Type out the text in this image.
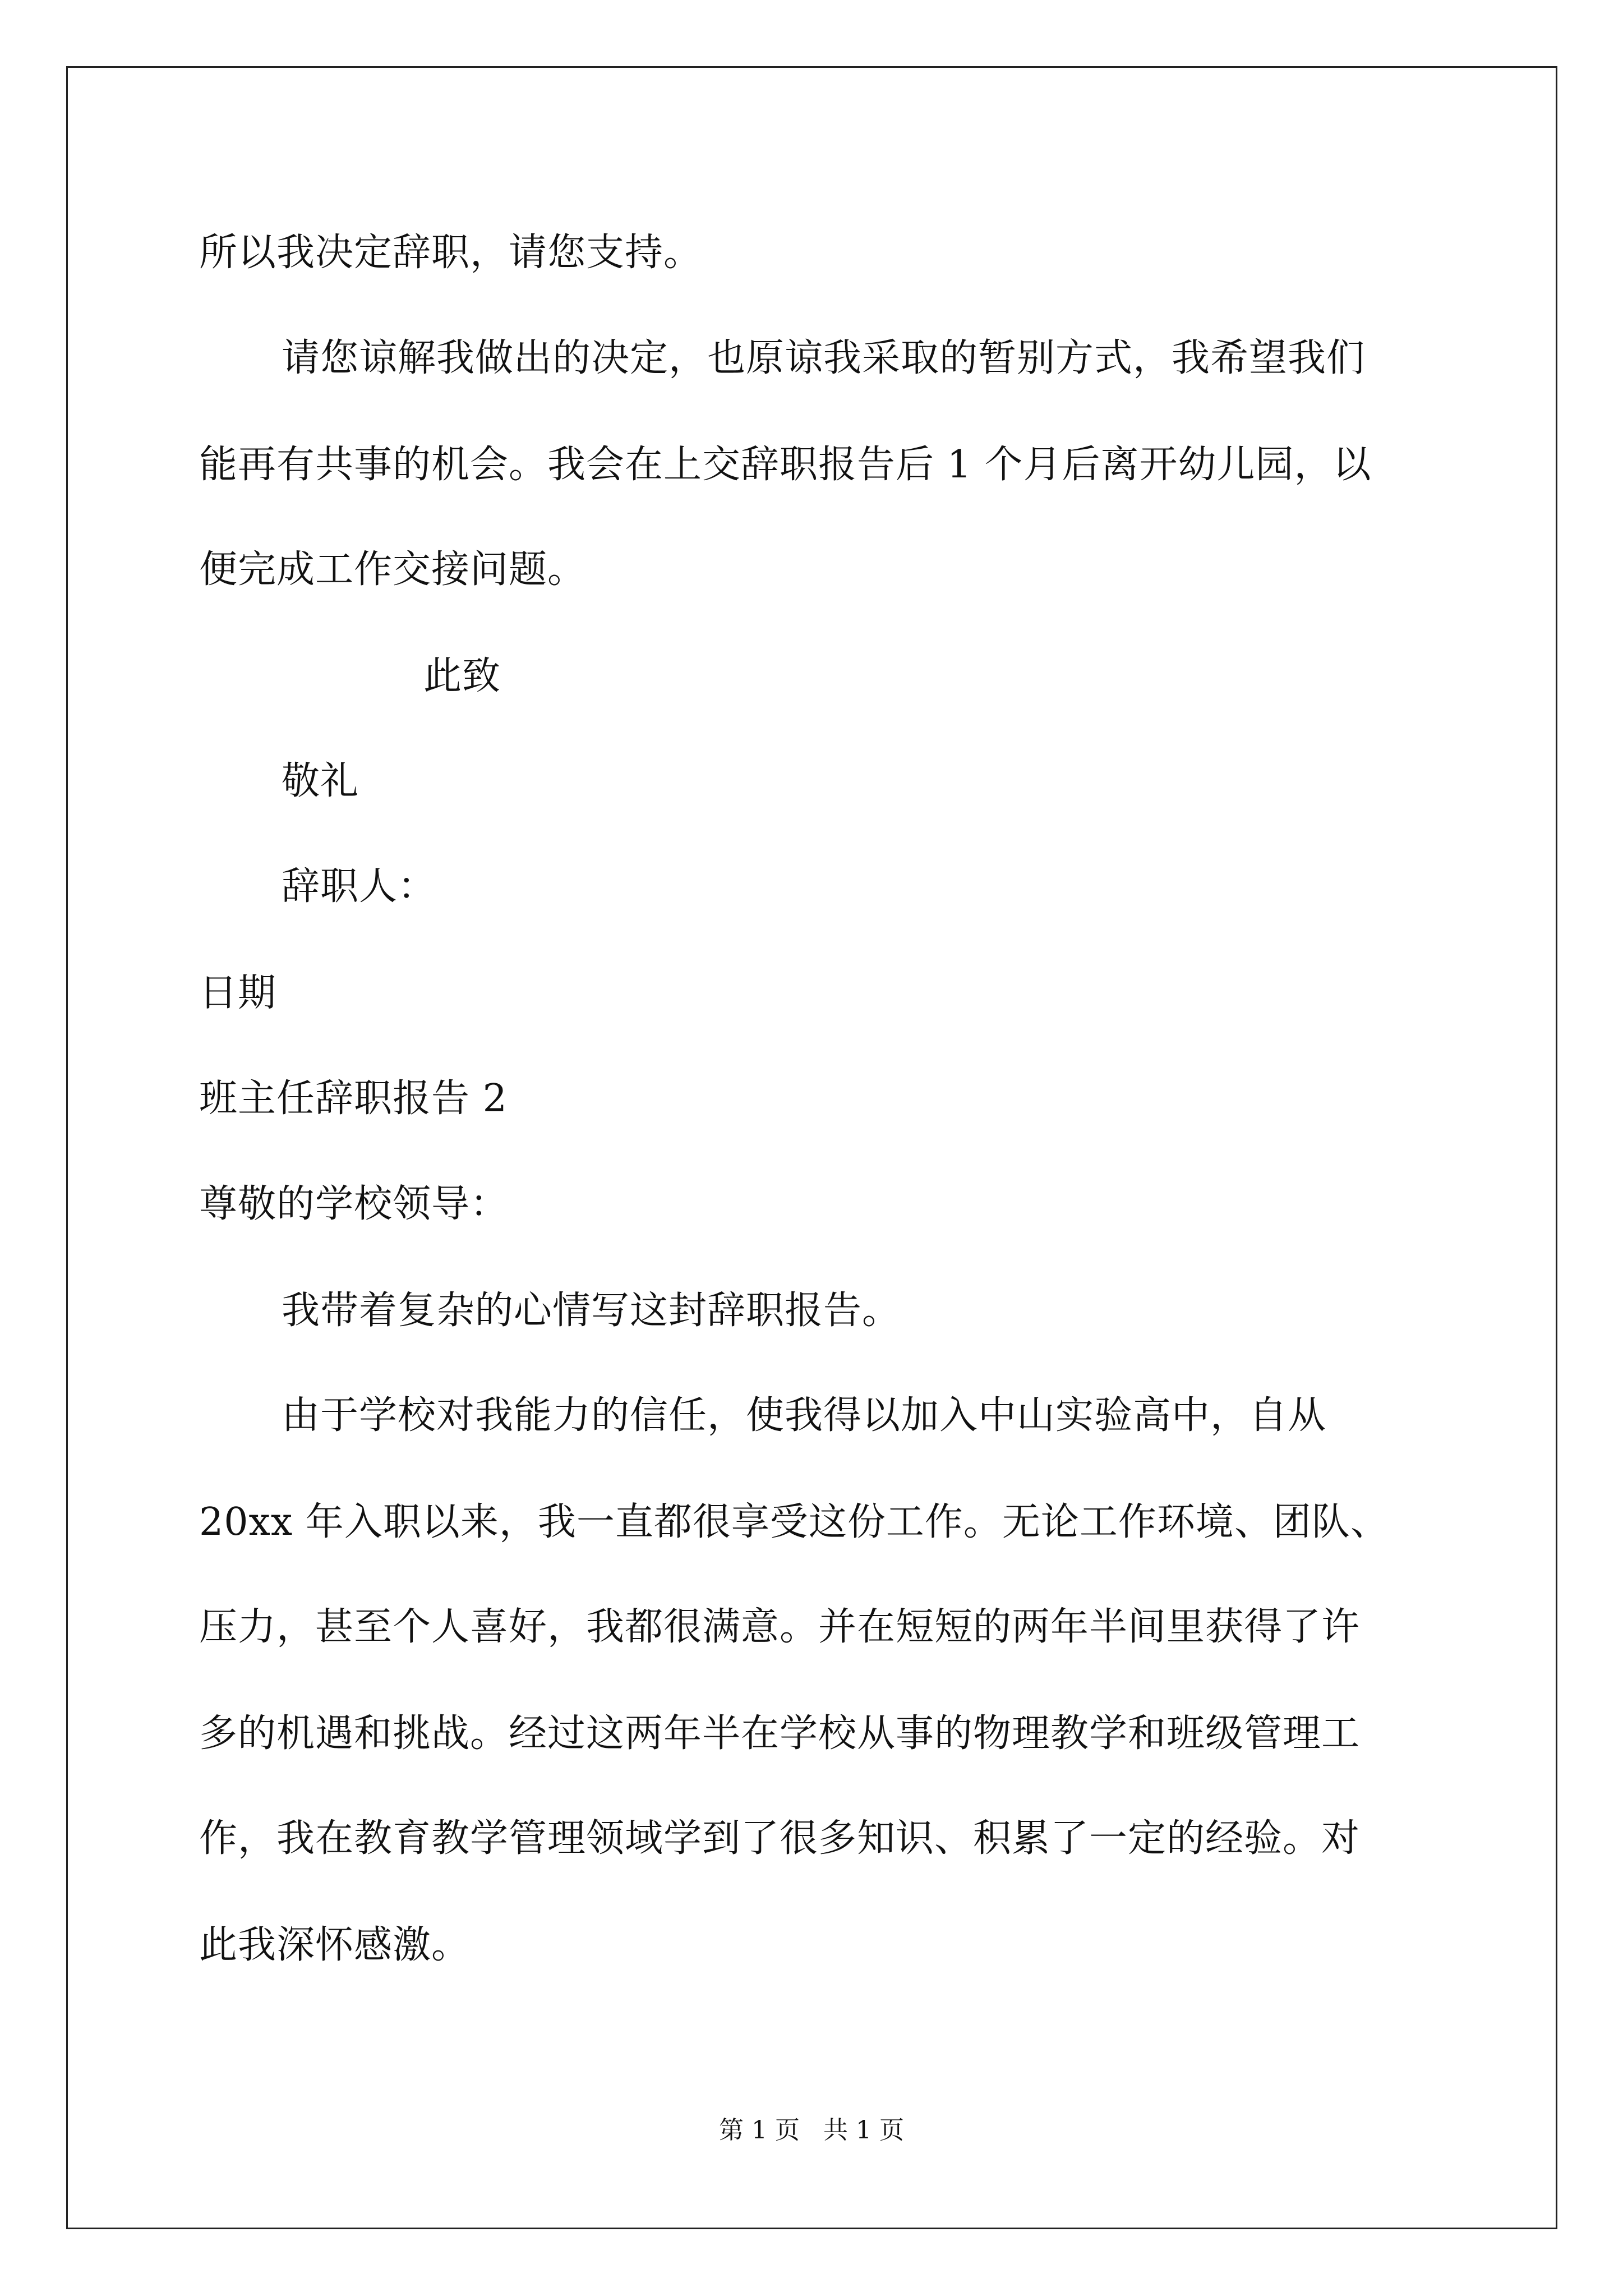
所以我决定辞职，请您支持。
请您谅解我做出的决定，也原谅我采取的暂别方式，我希望我们
能再有共事的机会。我会在上交辞职报告后 1 个月后离开幼儿园，以
便完成工作交接问题。
此致
敬礼
辞职人：
日期
班主任辞职报告 2
尊敬的学校领导：
我带着复杂的心情写这封辞职报告。
由于学校对我能力的信任，使我得以加入中山实验高中，自从
20xx 年入职以来，我一直都很享受这份工作。无论工作环境、团队、
压力，甚至个人喜好，我都很满意。并在短短的两年半间里获得了许
多的机遇和挑战。经过这两年半在学校从事的物理教学和班级管理工
作，我在教育教学管理领域学到了很多知识、积累了一定的经验。对
此我深怀感激。
第 1 页   共 1 页
